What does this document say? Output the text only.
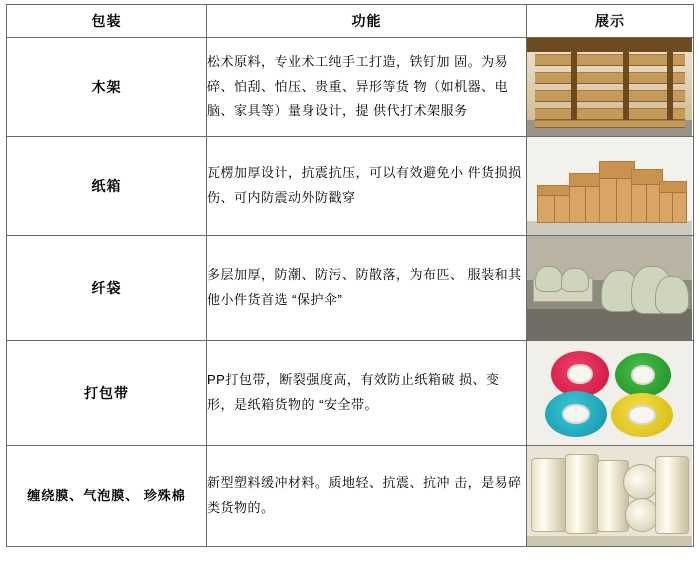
包装	功能	展示
木架	松术原料，专业术工纯手工打造，铁钉加 固。为易碎、怕刮、怕压、贵重、异形等货 物（如机器、电脑、家具等）量身设计，提 供代打术架服务	

纸箱	瓦楞加厚设计，抗震抗压，可以有效避免小 件货损损伤、可内防震动外防戳穿	

纤袋	多层加厚，防潮、防污、防散落，为布匹、 服装和其他小件货首选 “保护伞”	

打包带	PP打包带，断裂强度高，有效防止纸箱破 损、变形，是纸箱货物的 “安全带。	

缠绕膜、气泡膜、 珍殊棉	新型塑料缓冲材料。质地轻、抗震、抗冲 击，是易碎类货物的。	
